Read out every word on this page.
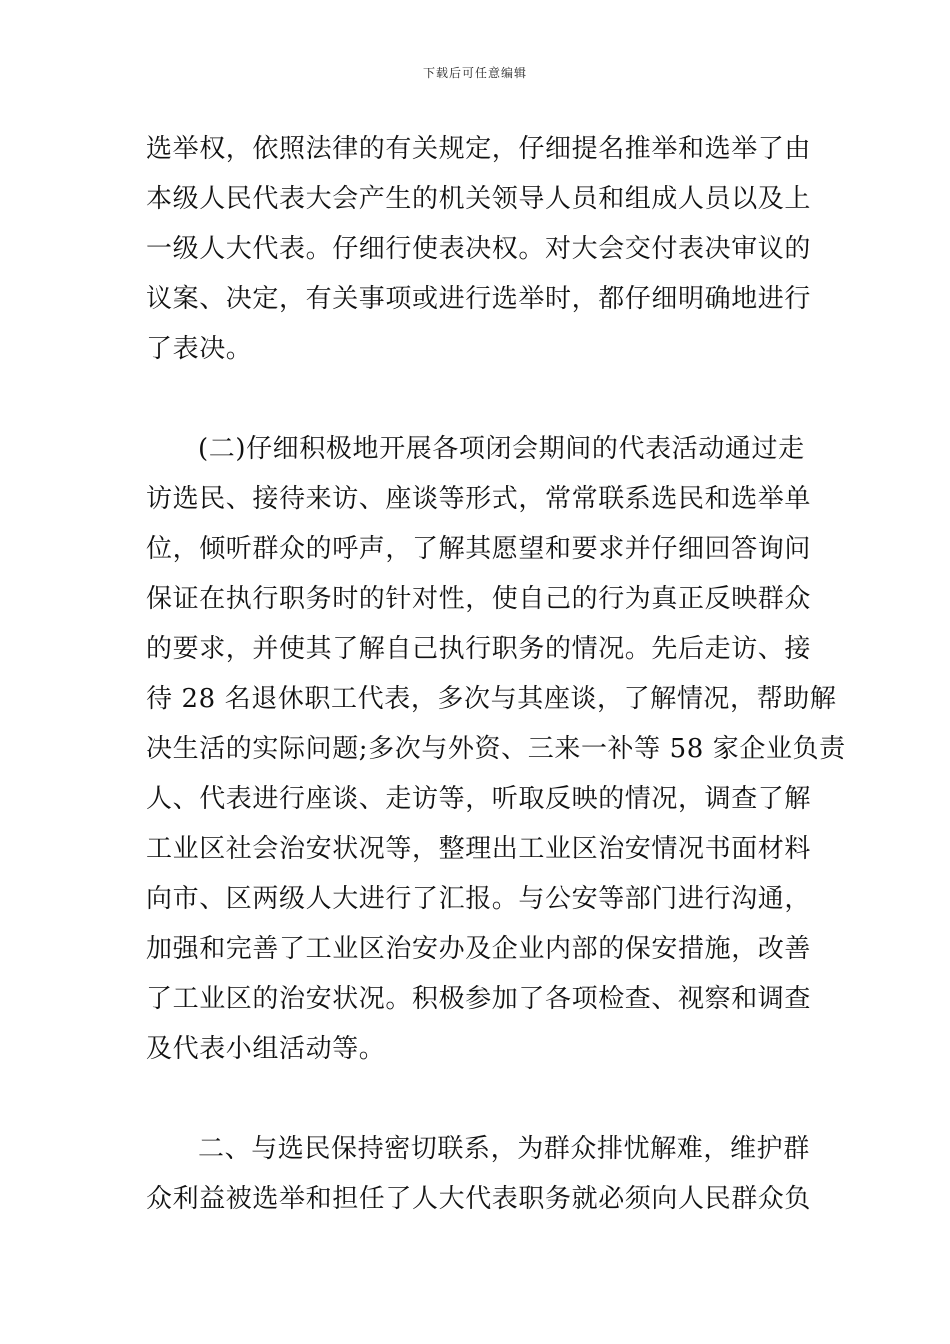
下载后可任意编辑
选举权，依照法律的有关规定，仔细提名推举和选举了由
本级人民代表大会产生的机关领导人员和组成人员以及上
一级人大代表。仔细行使表决权。对大会交付表决审议的
议案、决定，有关事项或进行选举时，都仔细明确地进行
了表决。
(二)仔细积极地开展各项闭会期间的代表活动通过走
访选民、接待来访、座谈等形式，常常联系选民和选举单
位，倾听群众的呼声，了解其愿望和要求并仔细回答询问
保证在执行职务时的针对性，使自己的行为真正反映群众
的要求，并使其了解自己执行职务的情况。先后走访、接
待 28 名退休职工代表，多次与其座谈，了解情况，帮助解
决生活的实际问题;多次与外资、三来一补等 58 家企业负责
人、代表进行座谈、走访等，听取反映的情况，调查了解
工业区社会治安状况等，整理出工业区治安情况书面材料
向市、区两级人大进行了汇报。与公安等部门进行沟通，
加强和完善了工业区治安办及企业内部的保安措施，改善
了工业区的治安状况。积极参加了各项检查、视察和调查
及代表小组活动等。
二、与选民保持密切联系，为群众排忧解难，维护群
众利益被选举和担任了人大代表职务就必须向人民群众负
